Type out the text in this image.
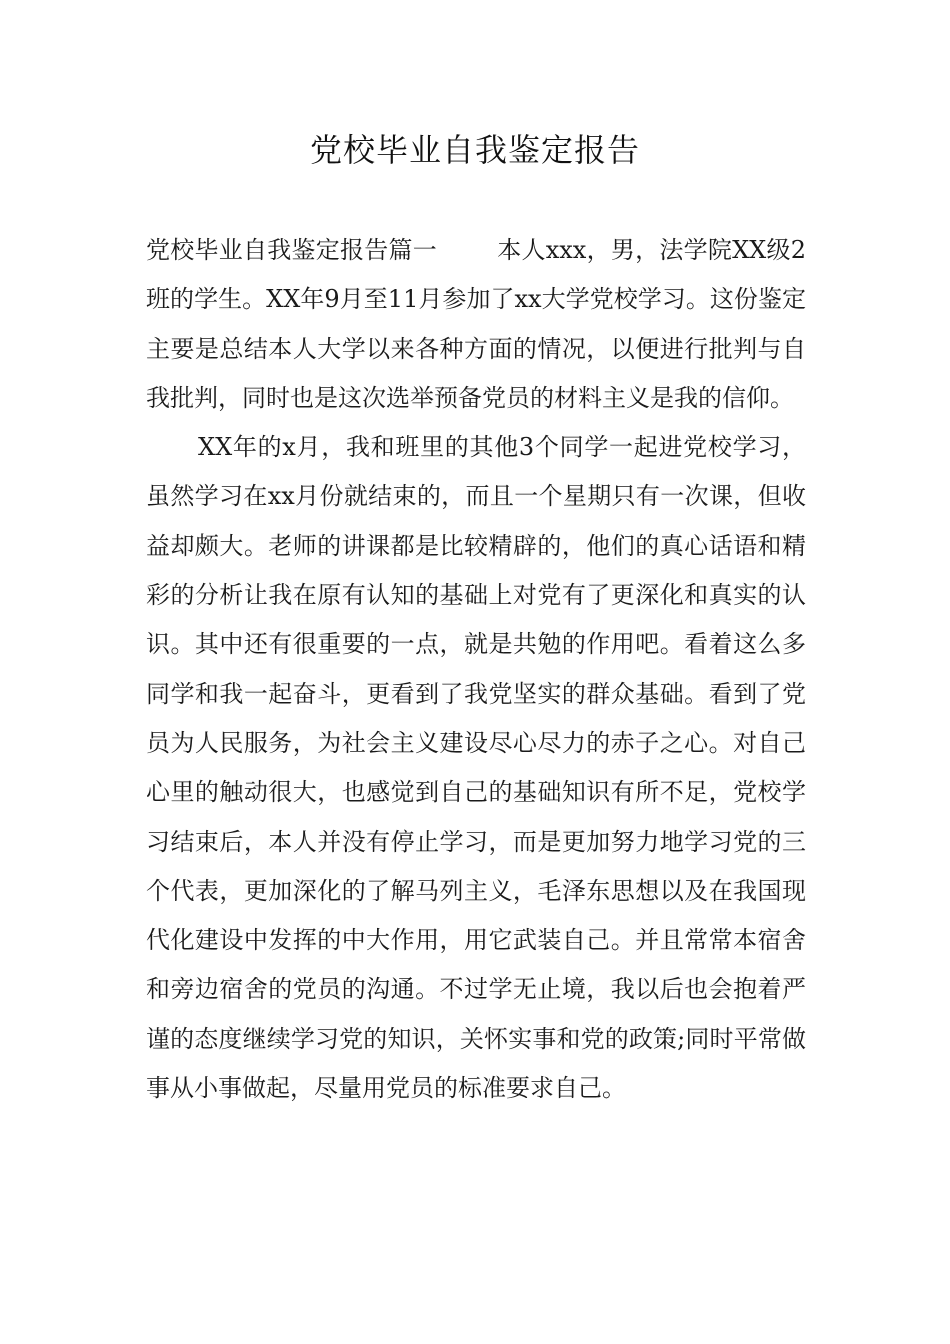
党校毕业自我鉴定报告

党校毕业自我鉴定报告篇一	本人xxx，男，法学院XX级2班的学生。XX年9月至11月参加了xx大学党校学习。这份鉴定主要是总结本人大学以来各种方面的情况，以便进行批判与自我批判，同时也是这次选举预备党员的材料主义是我的信仰。

XX年的x月，我和班里的其他3个同学一起进党校学习，虽然学习在xx月份就结束的，而且一个星期只有一次课，但收益却颇大。老师的讲课都是比较精辟的，他们的真心话语和精彩的分析让我在原有认知的基础上对党有了更深化和真实的认识。其中还有很重要的一点，就是共勉的作用吧。看着这么多同学和我一起奋斗，更看到了我党坚实的群众基础。看到了党员为人民服务，为社会主义建设尽心尽力的赤子之心。对自己心里的触动很大，也感觉到自己的基础知识有所不足，党校学习结束后，本人并没有停止学习，而是更加努力地学习党的三个代表，更加深化的了解马列主义，毛泽东思想以及在我国现代化建设中发挥的中大作用，用它武装自己。并且常常本宿舍和旁边宿舍的党员的沟通。不过学无止境，我以后也会抱着严谨的态度继续学习党的知识，关怀实事和党的政策;同时平常做事从小事做起，尽量用党员的标准要求自己。
